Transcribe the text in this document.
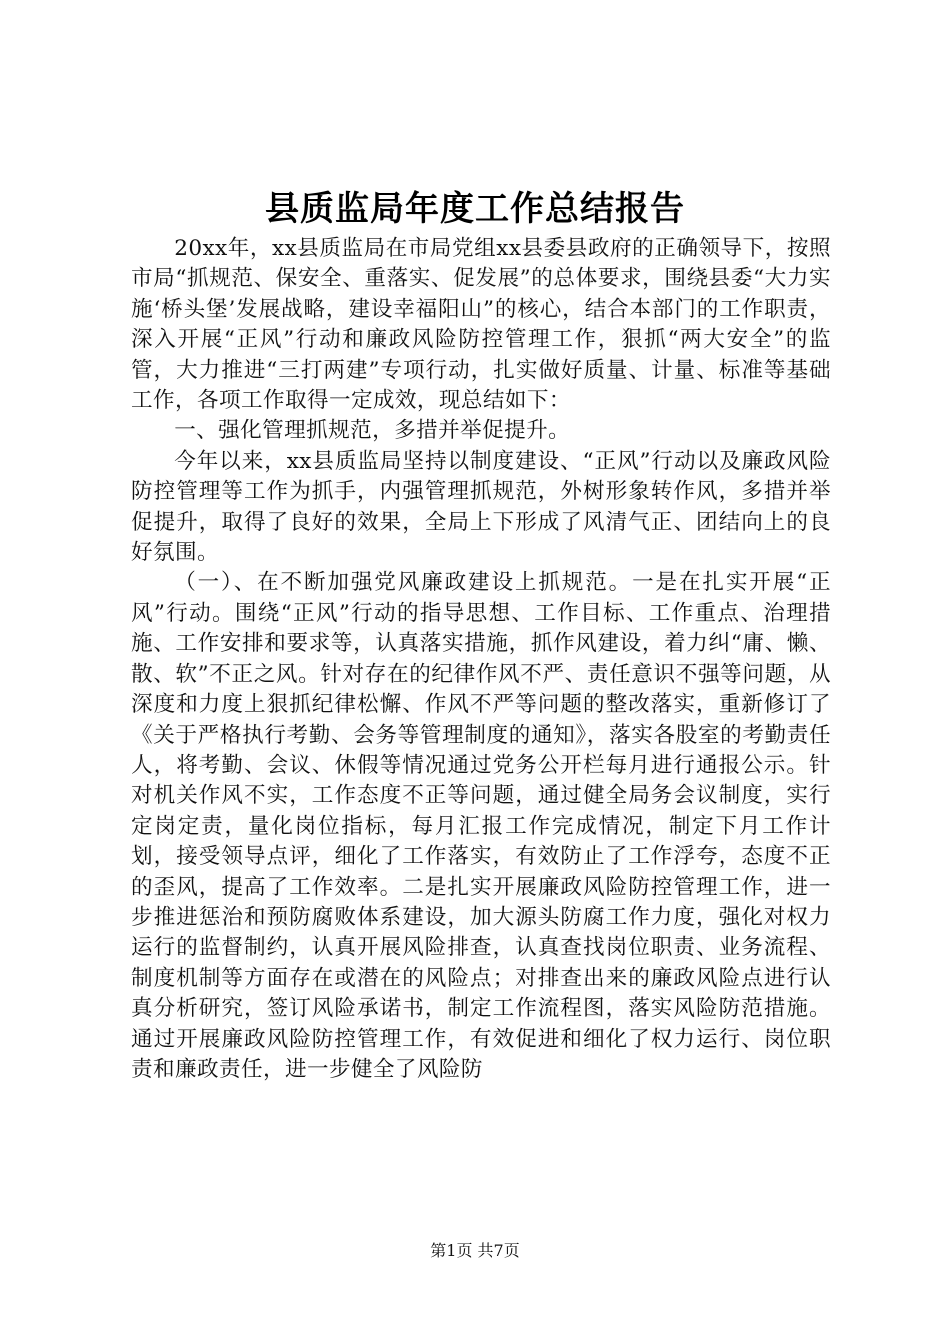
县质监局年度工作总结报告

20xx年，xx县质监局在市局党组xx县委县政府的正确领导下，按照市局“抓规范、保安全、重落实、促发展”的总体要求，围绕县委“大力实施‘桥头堡’发展战略，建设幸福阳山”的核心，结合本部门的工作职责，深入开展“正风”行动和廉政风险防控管理工作，狠抓“两大安全”的监管，大力推进“三打两建”专项行动，扎实做好质量、计量、标准等基础工作，各项工作取得一定成效，现总结如下：

一、强化管理抓规范，多措并举促提升。

今年以来，xx县质监局坚持以制度建设、“正风”行动以及廉政风险防控管理等工作为抓手，内强管理抓规范，外树形象转作风，多措并举促提升，取得了良好的效果，全局上下形成了风清气正、团结向上的良好氛围。

（一）、在不断加强党风廉政建设上抓规范。一是在扎实开展“正风”行动。围绕“正风”行动的指导思想、工作目标、工作重点、治理措施、工作安排和要求等，认真落实措施，抓作风建设，着力纠“庸、懒、散、软”不正之风。针对存在的纪律作风不严、责任意识不强等问题，从深度和力度上狠抓纪律松懈、作风不严等问题的整改落实，重新修订了《关于严格执行考勤、会务等管理制度的通知》，落实各股室的考勤责任人，将考勤、会议、休假等情况通过党务公开栏每月进行通报公示。针对机关作风不实，工作态度不正等问题，通过健全局务会议制度，实行定岗定责，量化岗位指标，每月汇报工作完成情况，制定下月工作计划，接受领导点评，细化了工作落实，有效防止了工作浮夸，态度不正的歪风，提高了工作效率。二是扎实开展廉政风险防控管理工作，进一步推进惩治和预防腐败体系建设，加大源头防腐工作力度，强化对权力运行的监督制约，认真开展风险排查，认真查找岗位职责、业务流程、制度机制等方面存在或潜在的风险点；对排查出来的廉政风险点进行认真分析研究，签订风险承诺书，制定工作流程图，落实风险防范措施。通过开展廉政风险防控管理工作，有效促进和细化了权力运行、岗位职责和廉政责任，进一步健全了风险防

第1页 共7页
